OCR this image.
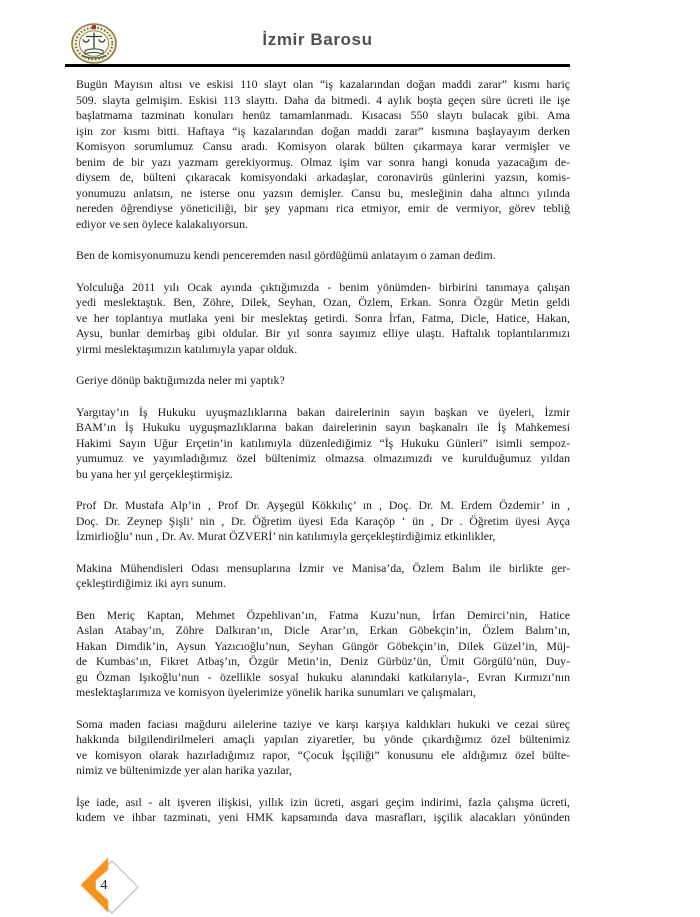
İzmir Barosu
Bugün Mayısın altısı ve eskisi 110 slayt olan “iş kazalarından doğan maddi zarar” kısmı hariç
509. slayta gelmişim. Eskisi 113 slayttı. Daha da bitmedi. 4 aylık boşta geçen süre ücreti ile işe
başlatmama tazminatı konuları henüz tamamlanmadı. Kısacası 550 slaytı bulacak gibi. Ama
işin zor kısmı bitti. Haftaya “iş kazalarından doğan maddi zarar” kısmına başlayayım derken
Komisyon sorumlumuz Cansu aradı. Komisyon olarak bülten çıkarmaya karar vermişler ve
benim de bir yazı yazmam gerekiyormuş. Olmaz işim var sonra hangi konuda yazacağım de-
diysem de, bülteni çıkaracak komisyondaki arkadaşlar, coronavirüs günlerini yazsın, komis-
yonumuzu anlatsın, ne isterse onu yazsın demişler. Cansu bu, mesleğinin daha altıncı yılında
nereden öğrendiyse yöneticiliği, bir şey yapmanı rica etmiyor, emir de vermiyor, görev tebliğ
ediyor ve sen öylece kalakalıyorsun.
Ben de komisyonumuzu kendi penceremden nasıl gördüğümü anlatayım o zaman dedim.
Yolculuğa 2011 yılı Ocak ayında çıktığımızda - benim yönümden- birbirini tanımaya çalışan
yedi meslektaştık. Ben, Zöhre, Dilek, Seyhan, Ozan, Özlem, Erkan. Sonra Özgür Metin geldi
ve her toplantıya mutlaka yeni bir meslektaş getirdi. Sonra İrfan, Fatma, Dicle, Hatice, Hakan,
Aysu, bunlar demirbaş gibi oldular. Bir yıl sonra sayımız elliye ulaştı. Haftalık toplantılarımızı
yirmi meslektaşımızın katılımıyla yapar olduk.
Geriye dönüp baktığımızda neler mi yaptık?
Yargıtay’ın İş Hukuku uyuşmazlıklarına bakan dairelerinin sayın başkan ve üyeleri, İzmir
BAM’ın İş Hukuku uyguşmazlıklarına bakan dairelerinin sayın başkanalrı ile İş Mahkemesi
Hakimi Sayın Uğur Erçetin’in katılımıyla düzenlediğimiz “İş Hukuku Günleri” isimli sempoz-
yumumuz ve yayımladığımız özel bültenimiz olmazsa olmazımızdı ve kurulduğumuz yıldan
bu yana her yıl gerçekleştirmişiz.
Prof Dr. Mustafa Alp’in , Prof Dr. Ayşegül Kökkılıç’ ın , Doç. Dr. M. Erdem Özdemir’ in ,
Doç. Dr. Zeynep Şişli’ nin , Dr. Öğretim üyesi Eda Karaçöp ‘ ün , Dr . Öğretim üyesi Ayça
İzmirlioğlu’ nun , Dr. Av. Murat ÖZVERİ’ nin katılımıyla gerçekleştirdiğimiz etkinlikler,
Makina Mühendisleri Odası mensuplarına İzmir ve Manisa’da, Özlem Balım ile birlikte ger-
çekleştirdiğimiz iki ayrı sunum.
Ben Meriç Kaptan, Mehmet Özpehlivan’ın, Fatma Kuzu’nun, İrfan Demirci’nin, Hatice
Aslan Atabay’ın, Zöhre Dalkıran’ın, Dicle Arar’ın, Erkan Göbekçin’in, Özlem Balım’ın,
Hakan Dimdik’in, Aysun Yazıcıoğlu’nun, Seyhan Güngör Göbekçin’in, Dilek Güzel’in, Müj-
de Kumbas’ın, Fikret Atbaş’ın, Özgür Metin’in, Deniz Gürbüz’ün, Ümit Görgülü’nün, Duy-
gu Özman Işıkoğlu’nun - özellikle sosyal hukuku alanındaki katkılarıyla-, Evran Kırmızı’nın
meslektaşlarımıza ve komisyon üyelerimize yönelik harika sunumları ve çalışmaları,
Soma maden faciası mağduru ailelerine taziye ve karşı karşıya kaldıkları hukuki ve cezai süreç
hakkında bilgilendirilmeleri amaçlı yapılan ziyaretler, bu yönde çıkardığımız özel bültenimiz
ve komisyon olarak hazırladığımız rapor, “Çocuk İşçiliği” konusunu ele aldığımız özel bülte-
nimiz ve bültenimizde yer alan harika yazılar,
İşe iade, asıl - alt işveren ilişkisi, yıllık izin ücreti, asgari geçim indirimi, fazla çalışma ücreti,
kıdem ve ihbar tazminatı, yeni HMK kapsamında dava masrafları, işçilik alacakları yönünden
4
